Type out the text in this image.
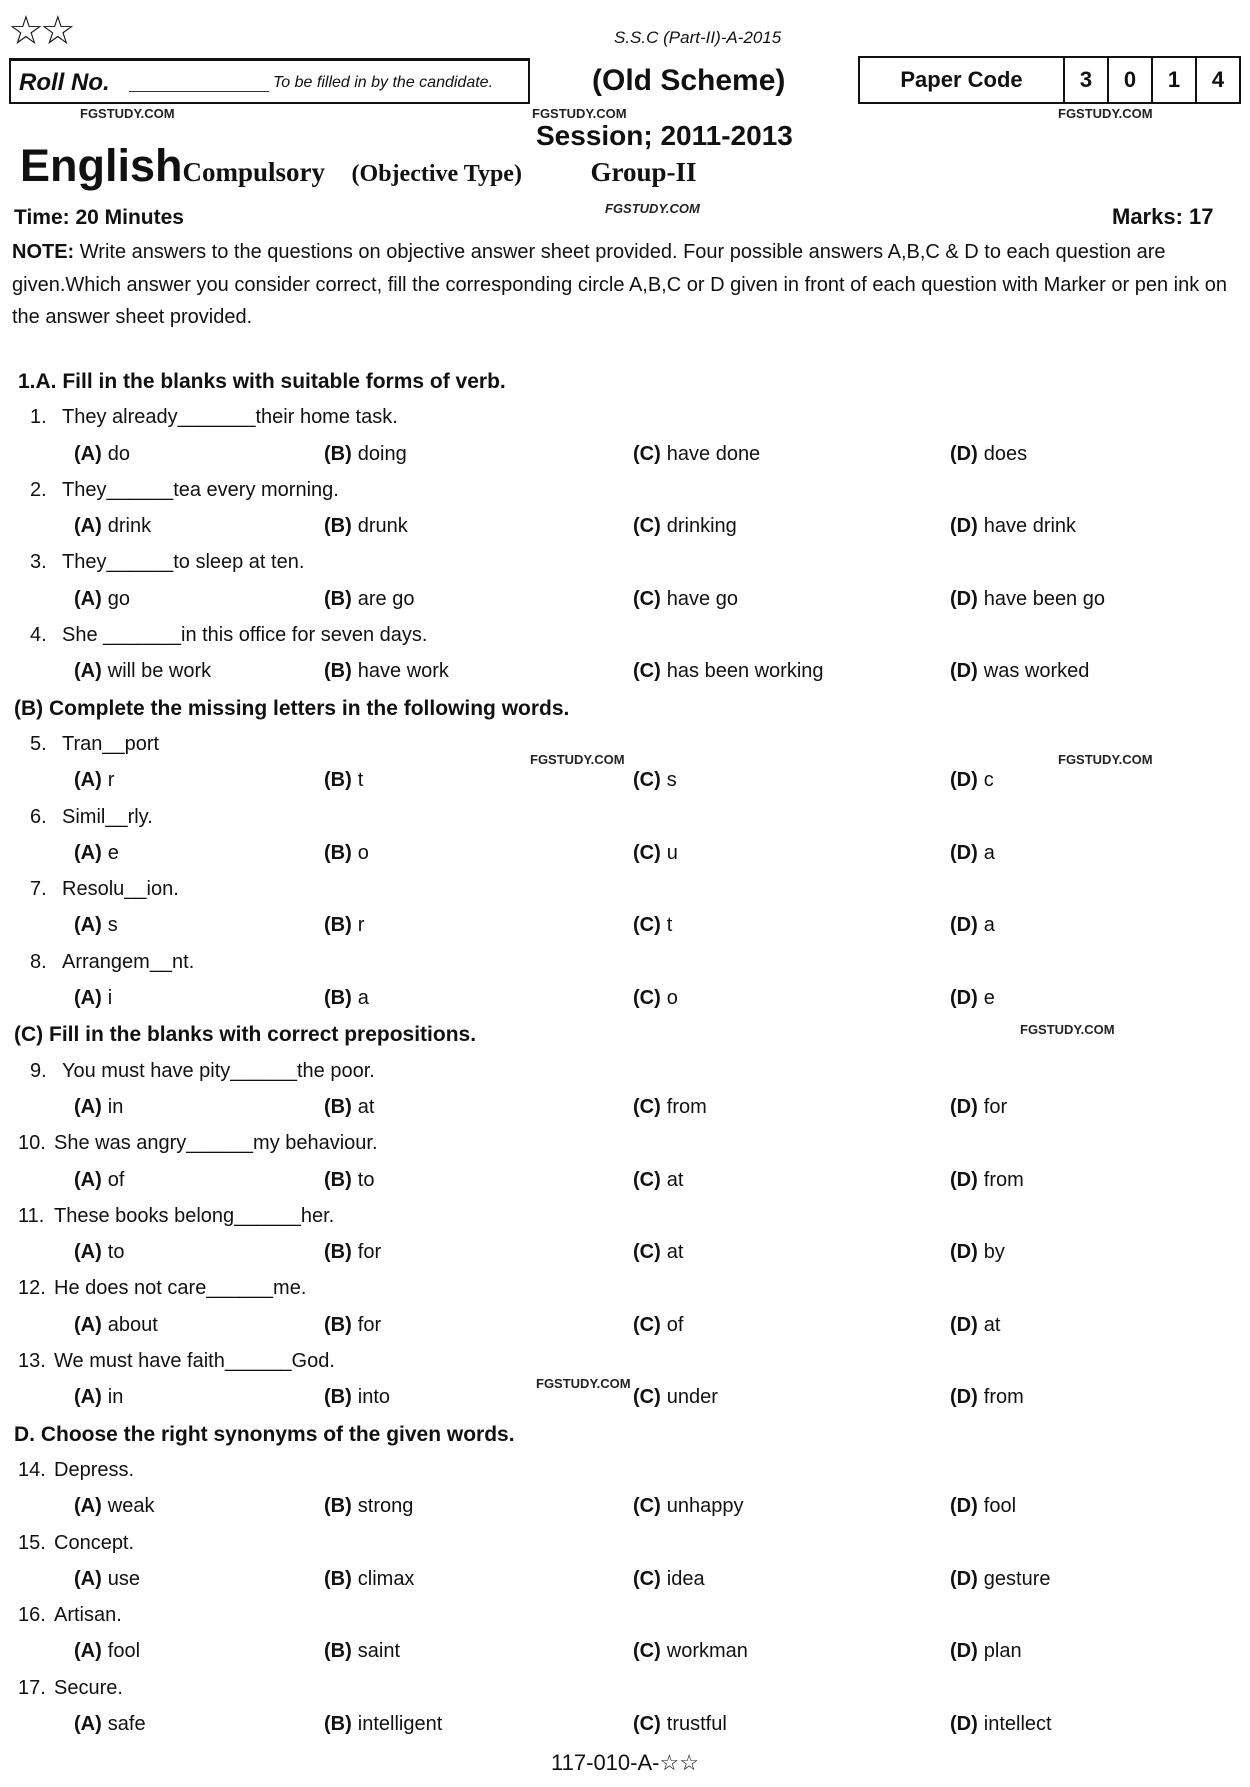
☆☆	S.S.C (Part-II)-A-2015
Roll No.	To be filled in by the candidate.	(Old Scheme)	Paper Code	3	0	1	4
FGSTUDY.COM	FGSTUDY.COM	FGSTUDY.COM
Session; 2011-2013
EnglishCompulsory (Objective Type)	Group-II
FGSTUDY.COM
Time: 20 Minutes	Marks: 17
NOTE: Write answers to the questions on objective answer sheet provided. Four possible answers A,B,C & D to each question are given.Which answer you consider correct, fill the corresponding circle A,B,C or D given in front of each question with Marker or pen ink on the answer sheet provided.
1.A. Fill in the blanks with suitable forms of verb.
1. They already_______their home task.
(A) do	(B) doing	(C) have done	(D) does
2. They______tea every morning.
(A) drink	(B) drunk	(C) drinking	(D) have drink
3. They______to sleep at ten.
(A) go	(B) are go	(C) have go	(D) have been go
4. She _______in this office for seven days.
(A) will be work	(B) have work	(C) has been working	(D) was worked
(B) Complete the missing letters in the following words.
5. Tran__port
(A) r	(B) t	(C) s	(D) c
6. Simil__rly.
(A) e	(B) o	(C) u	(D) a
7. Resolu__ion.
(A) s	(B) r	(C) t	(D) a
8. Arrangem__nt.
(A) i	(B) a	(C) o	(D) e
(C) Fill in the blanks with correct prepositions.
9. You must have pity______the poor.
(A) in	(B) at	(C) from	(D) for
10. She was angry______my behaviour.
(A) of	(B) to	(C) at	(D) from
11. These books belong______her.
(A) to	(B) for	(C) at	(D) by
12. He does not care______me.
(A) about	(B) for	(C) of	(D) at
13. We must have faith______God.
(A) in	(B) into	(C) under	(D) from
D. Choose the right synonyms of the given words.
14. Depress.
(A) weak	(B) strong	(C) unhappy	(D) fool
15. Concept.
(A) use	(B) climax	(C) idea	(D) gesture
16. Artisan.
(A) fool	(B) saint	(C) workman	(D) plan
17. Secure.
(A) safe	(B) intelligent	(C) trustful	(D) intellect
FGSTUDY.COM	FGSTUDY.COM
FGSTUDY.COM
FGSTUDY.COM
117-010-A-☆☆
